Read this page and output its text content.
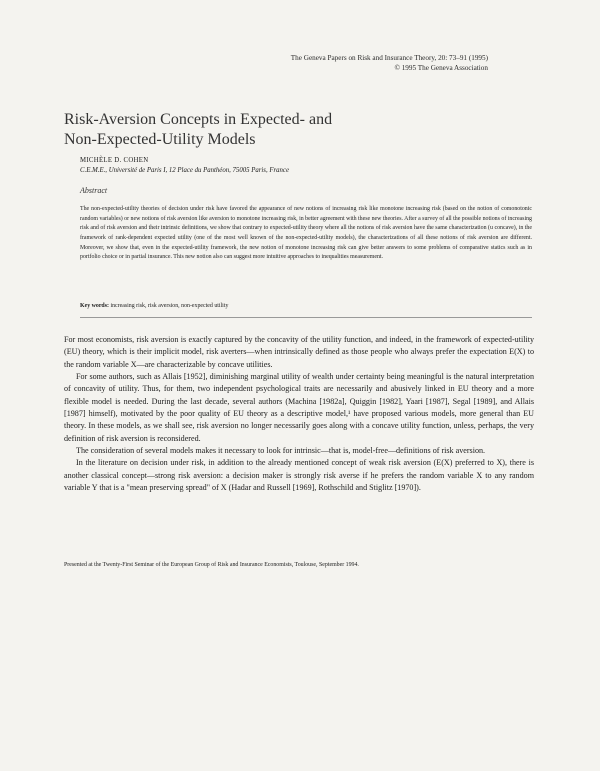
The Geneva Papers on Risk and Insurance Theory, 20: 73–91 (1995)
© 1995 The Geneva Association
Risk-Aversion Concepts in Expected- and
Non-Expected-Utility Models
MICHÈLE D. COHEN
C.E.M.E., Université de Paris I, 12 Place du Panthéon, 75005 Paris, France
Abstract
The non-expected-utility theories of decision under risk have favored the appearance of new notions of increasing risk like monotone increasing risk (based on the notion of comonotonic random variables) or new notions of risk aversion like aversion to monotone increasing risk, in better agreement with these new theories. After a survey of all the possible notions of increasing risk and of risk aversion and their intrinsic definitions, we show that contrary to expected-utility theory where all the notions of risk aversion have the same characterization (u concave), in the framework of rank-dependent expected utility (one of the most well known of the non-expected-utility models), the characterizations of all these notions of risk aversion are different. Moreover, we show that, even in the expected-utility framework, the new notion of monotone increasing risk can give better answers to some problems of comparative statics such as in portfolio choice or in partial insurance. This new notion also can suggest more intuitive approaches to inequalities measurement.
Key words: increasing risk, risk aversion, non-expected utility

For most economists, risk aversion is exactly captured by the concavity of the utility function, and indeed, in the framework of expected-utility (EU) theory, which is their implicit model, risk averters—when intrinsically defined as those people who always prefer the expectation E(X) to the random variable X—are characterizable by concave utilities.

For some authors, such as Allais [1952], diminishing marginal utility of wealth under certainty being meaningful is the natural interpretation of concavity of utility. Thus, for them, two independent psychological traits are necessarily and abusively linked in EU theory and a more flexible model is needed. During the last decade, several authors (Machina [1982a], Quiggin [1982], Yaari [1987], Segal [1989], and Allais [1987] himself), motivated by the poor quality of EU theory as a descriptive model,¹ have proposed various models, more general than EU theory. In these models, as we shall see, risk aversion no longer necessarily goes along with a concave utility function, unless, perhaps, the very definition of risk aversion is reconsidered.

The consideration of several models makes it necessary to look for intrinsic—that is, model-free—definitions of risk aversion.

In the literature on decision under risk, in addition to the already mentioned concept of weak risk aversion (E(X) preferred to X), there is another classical concept—strong risk aversion: a decision maker is strongly risk averse if he prefers the random variable X to any random variable Y that is a "mean preserving spread" of X (Hadar and Russell [1969], Rothschild and Stiglitz [1970]).

Presented at the Twenty-First Seminar of the European Group of Risk and Insurance Economists, Toulouse, September 1994.
